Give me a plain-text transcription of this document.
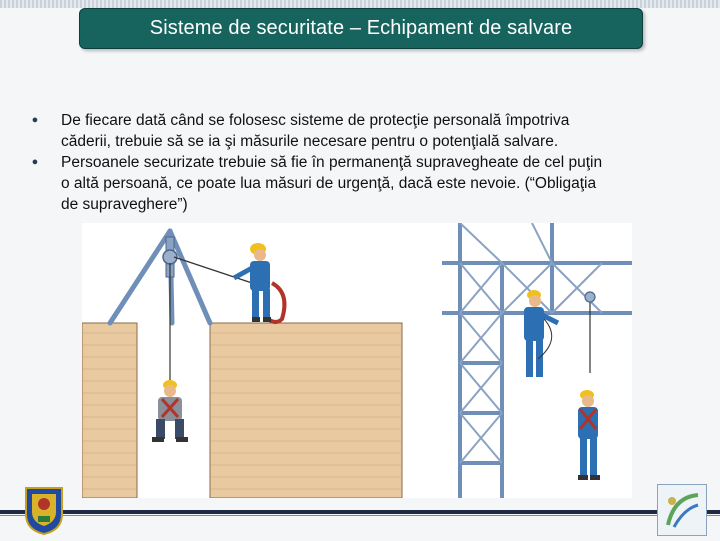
Sisteme de securitate – Echipament de salvare

● De fiecare dată când se folosesc sisteme de protecţie personală împotriva
căderii, trebuie să se ia şi măsurile necesare pentru o potenţială salvare.

● Persoanele securizate trebuie să fie în permanenţă supravegheate de cel puţin
o altă persoană, ce poate lua măsuri de urgenţă, dacă este nevoie. (“Obligaţia
de supraveghere”)
